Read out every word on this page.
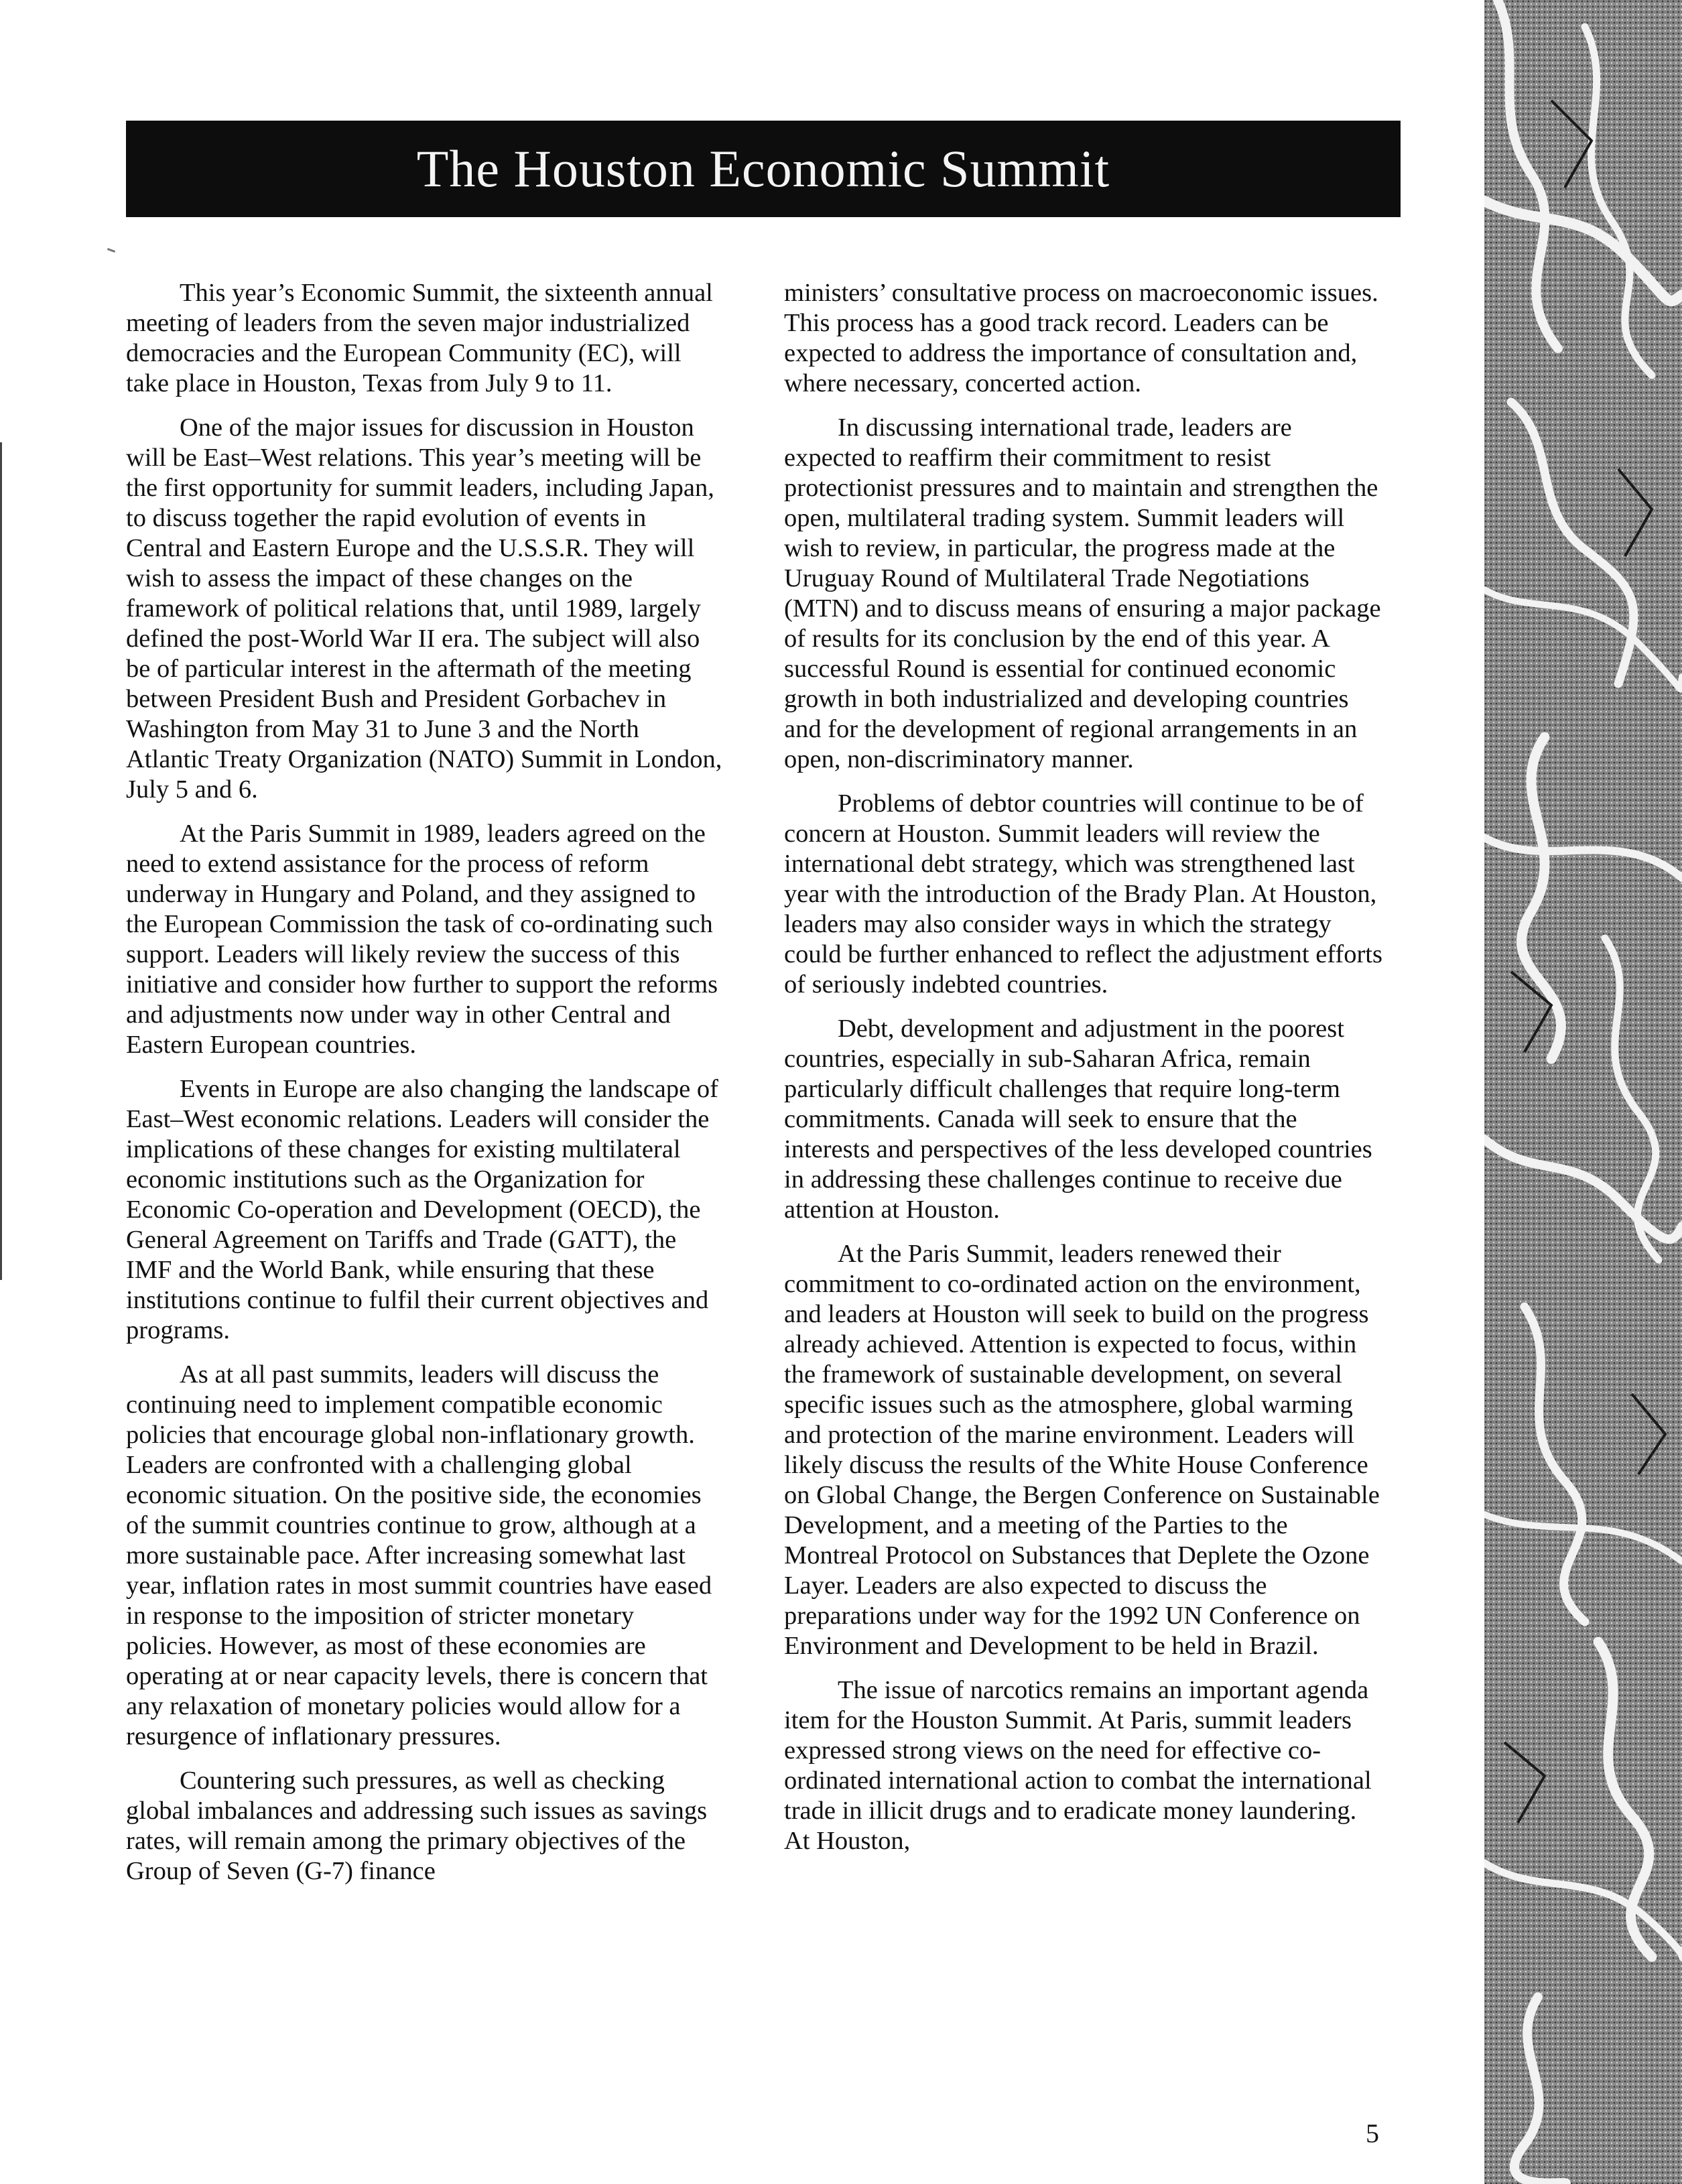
The Houston Economic Summit

This year’s Economic Summit, the sixteenth annual meeting of leaders from the seven major industrialized democracies and the European Community (EC), will take place in Houston, Texas from July 9 to 11.

One of the major issues for discussion in Houston will be East–West relations. This year’s meeting will be the first opportunity for summit leaders, including Japan, to discuss together the rapid evolution of events in Central and Eastern Europe and the U.S.S.R. They will wish to assess the impact of these changes on the framework of political relations that, until 1989, largely defined the post-World War II era. The subject will also be of particular interest in the aftermath of the meeting between President Bush and President Gorbachev in Washington from May 31 to June 3 and the North Atlantic Treaty Organization (NATO) Summit in London, July 5 and 6.

At the Paris Summit in 1989, leaders agreed on the need to extend assistance for the process of reform underway in Hungary and Poland, and they assigned to the European Commission the task of co-ordinating such support. Leaders will likely review the success of this initiative and consider how further to support the reforms and adjustments now under way in other Central and Eastern European countries.

Events in Europe are also changing the landscape of East–West economic relations. Leaders will consider the implications of these changes for existing multilateral economic institutions such as the Organization for Economic Co-operation and Development (OECD), the General Agreement on Tariffs and Trade (GATT), the IMF and the World Bank, while ensuring that these institutions continue to fulfil their current objectives and programs.

As at all past summits, leaders will discuss the continuing need to implement compatible economic policies that encourage global non-inflationary growth. Leaders are confronted with a challenging global economic situation. On the positive side, the economies of the summit countries continue to grow, although at a more sustainable pace. After increasing somewhat last year, inflation rates in most summit countries have eased in response to the imposition of stricter monetary policies. However, as most of these economies are operating at or near capacity levels, there is concern that any relaxation of monetary policies would allow for a resurgence of inflationary pressures.

Countering such pressures, as well as checking global imbalances and addressing such issues as savings rates, will remain among the primary objectives of the Group of Seven (G-7) finance

ministers’ consultative process on macroeconomic issues. This process has a good track record. Leaders can be expected to address the importance of consultation and, where necessary, concerted action.

In discussing international trade, leaders are expected to reaffirm their commitment to resist protectionist pressures and to maintain and strengthen the open, multilateral trading system. Summit leaders will wish to review, in particular, the progress made at the Uruguay Round of Multilateral Trade Negotiations (MTN) and to discuss means of ensuring a major package of results for its conclusion by the end of this year. A successful Round is essential for continued economic growth in both industrialized and developing countries and for the development of regional arrangements in an open, non-discriminatory manner.

Problems of debtor countries will continue to be of concern at Houston. Summit leaders will review the international debt strategy, which was strengthened last year with the introduction of the Brady Plan. At Houston, leaders may also consider ways in which the strategy could be further enhanced to reflect the adjustment efforts of seriously indebted countries.

Debt, development and adjustment in the poorest countries, especially in sub-Saharan Africa, remain particularly difficult challenges that require long-term commitments. Canada will seek to ensure that the interests and perspectives of the less developed countries in addressing these challenges continue to receive due attention at Houston.

At the Paris Summit, leaders renewed their commitment to co-ordinated action on the environment, and leaders at Houston will seek to build on the progress already achieved. Attention is expected to focus, within the framework of sustainable development, on several specific issues such as the atmosphere, global warming and protection of the marine environment. Leaders will likely discuss the results of the White House Conference on Global Change, the Bergen Conference on Sustainable Development, and a meeting of the Parties to the Montreal Protocol on Substances that Deplete the Ozone Layer. Leaders are also expected to discuss the preparations under way for the 1992 UN Conference on Environment and Development to be held in Brazil.

The issue of narcotics remains an important agenda item for the Houston Summit. At Paris, summit leaders expressed strong views on the need for effective co-ordinated international action to combat the international trade in illicit drugs and to eradicate money laundering. At Houston,

5
